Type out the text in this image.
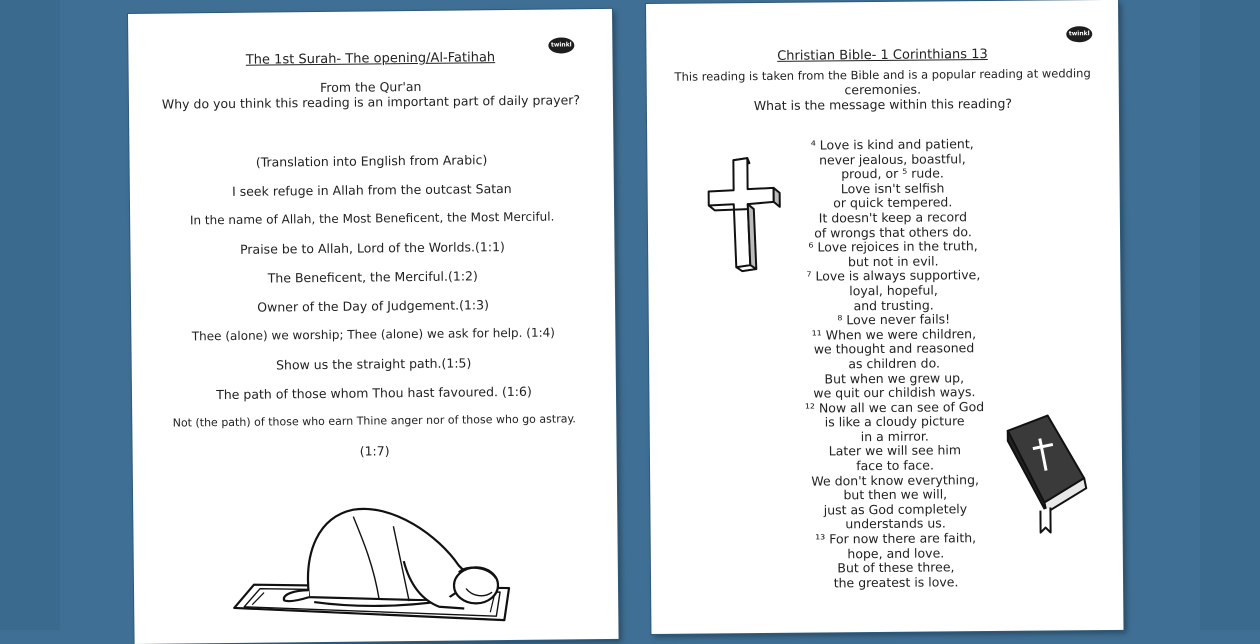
twinkl
The 1st Surah- The opening/Al-Fatihah
From the Qur'an
Why do you think this reading is an important part of daily prayer?
(Translation into English from Arabic)
I seek refuge in Allah from the outcast Satan
In the name of Allah, the Most Beneficent, the Most Merciful.
Praise be to Allah, Lord of the Worlds.(1:1)
The Beneficent, the Merciful.(1:2)
Owner of the Day of Judgement.(1:3)
Thee (alone) we worship; Thee (alone) we ask for help. (1:4)
Show us the straight path.(1:5)
The path of those whom Thou hast favoured. (1:6)
Not (the path) of those who earn Thine anger nor of those who go astray.
(1:7)
twinkl
Christian Bible- 1 Corinthians 13
This reading is taken from the Bible and is a popular reading at wedding
ceremonies.
What is the message within this reading?
⁴ Love is kind and patient,
never jealous, boastful,
proud, or ⁵ rude.
Love isn't selfish
or quick tempered.
It doesn't keep a record
of wrongs that others do.
⁶ Love rejoices in the truth,
but not in evil.
⁷ Love is always supportive,
loyal, hopeful,
and trusting.
⁸ Love never fails!
¹¹ When we were children,
we thought and reasoned
as children do.
But when we grew up,
we quit our childish ways.
¹² Now all we can see of God
is like a cloudy picture
in a mirror.
Later we will see him
face to face.
We don't know everything,
but then we will,
just as God completely
understands us.
¹³ For now there are faith,
hope, and love.
But of these three,
the greatest is love.
